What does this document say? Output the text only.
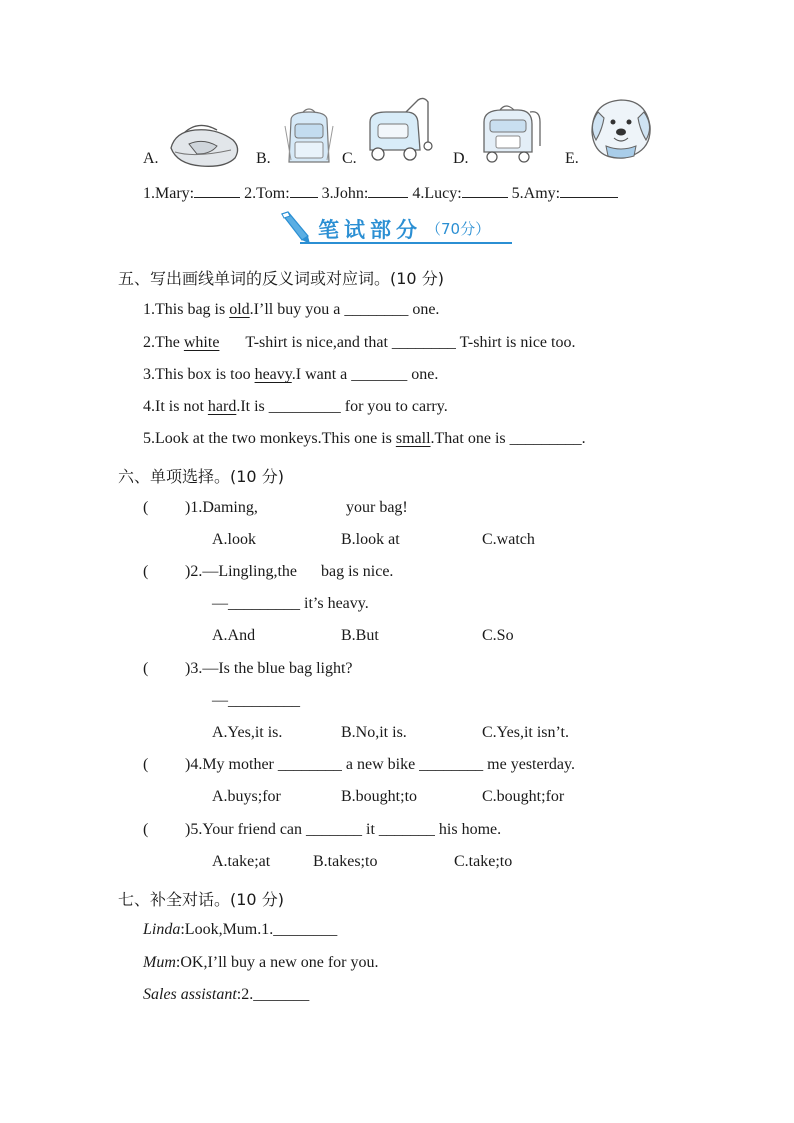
A.	B.	C.	D.	E.
1.Mary:	2.Tom: 3.John:	4.Lucy:	5.Amy:
笔试部分 （70分）
五、写出画线单词的反义词或对应词。(10 分)
1.This bag is old.I’ll buy you a ________ one.
2.The white T-shirt is nice,and that ________ T-shirt is nice too.
3.This box is too heavy.I want a _______ one.
4.It is not hard.It is _________ for you to carry.
5.Look at the two monkeys.This one is small.That one is _________.
六、单项选择。(10 分)
( )1.Daming,	your bag!
A.look	B.look at	C.watch
( )2.—Lingling,the bag is nice.
—_________ it’s heavy.
A.And	B.But	C.So
( )3.—Is the blue bag light?
—_________
A.Yes,it is.	B.No,it is.	C.Yes,it isn’t.
( )4.My mother ________ a new bike ________ me yesterday.
A.buys;for	B.bought;to	C.bought;for
( )5.Your friend can _______ it _______ his home.
A.take;at	B.takes;to	C.take;to
七、补全对话。(10 分)
Linda:Look,Mum.1.________
Mum:OK,I’ll buy a new one for you.
Sales assistant:2._______
